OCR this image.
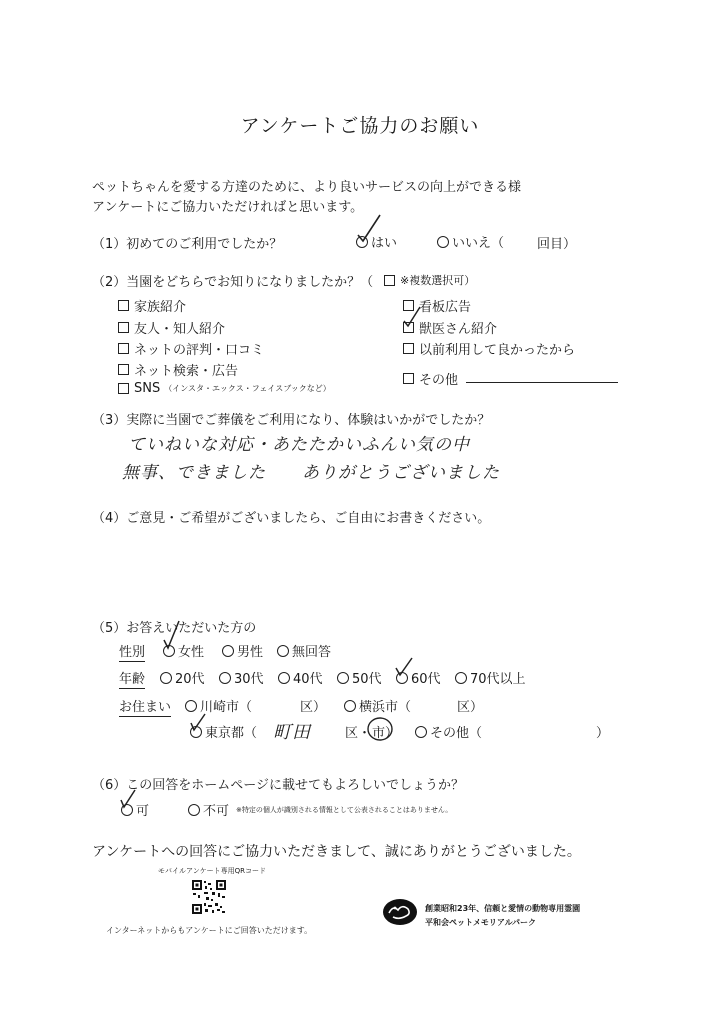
アンケートご協力のお願い
ペットちゃんを愛する方達のために、より良いサービスの向上ができる様
アンケートにご協力いただければと思います。
（1）初めてのご利用でしたか？	はい	いいえ（	回目）
（2）当園をどちらでお知りになりましたか？（ ※複数選択可）
家族紹介
友人・知人紹介
ネットの評判・口コミ
ネット検索・広告
SNS （インスタ・エックス・フェイスブックなど）
看板広告
獣医さん紹介
以前利用して良かったから
その他
（3）実際に当園でご葬儀をご利用になり、体験はいかがでしたか？
ていねいな対応・あたたかいふんい気の中
無事、できました　　ありがとうございました
（4）ご意見・ご希望がございましたら、ご自由にお書きください。
（5）お答えいただいた方の
性別	女性	男性 無回答
年齢 20代 30代 40代 50代 60代 70代以上
お住まい 川崎市（	区）	横浜市（	区）
東京都（ 町田	区・ 市） その他（	）
（6）この回答をホームページに載せてもよろしいでしょうか？
可	不可 ※特定の個人が識別される情報として公表されることはありません。
アンケートへの回答にご協力いただきまして、誠にありがとうございました。
モバイルアンケート専用QRコード
インターネットからもアンケートにご回答いただけます。
創業昭和23年、信頼と愛情の動物専用霊園
平和会ペットメモリアルパーク
